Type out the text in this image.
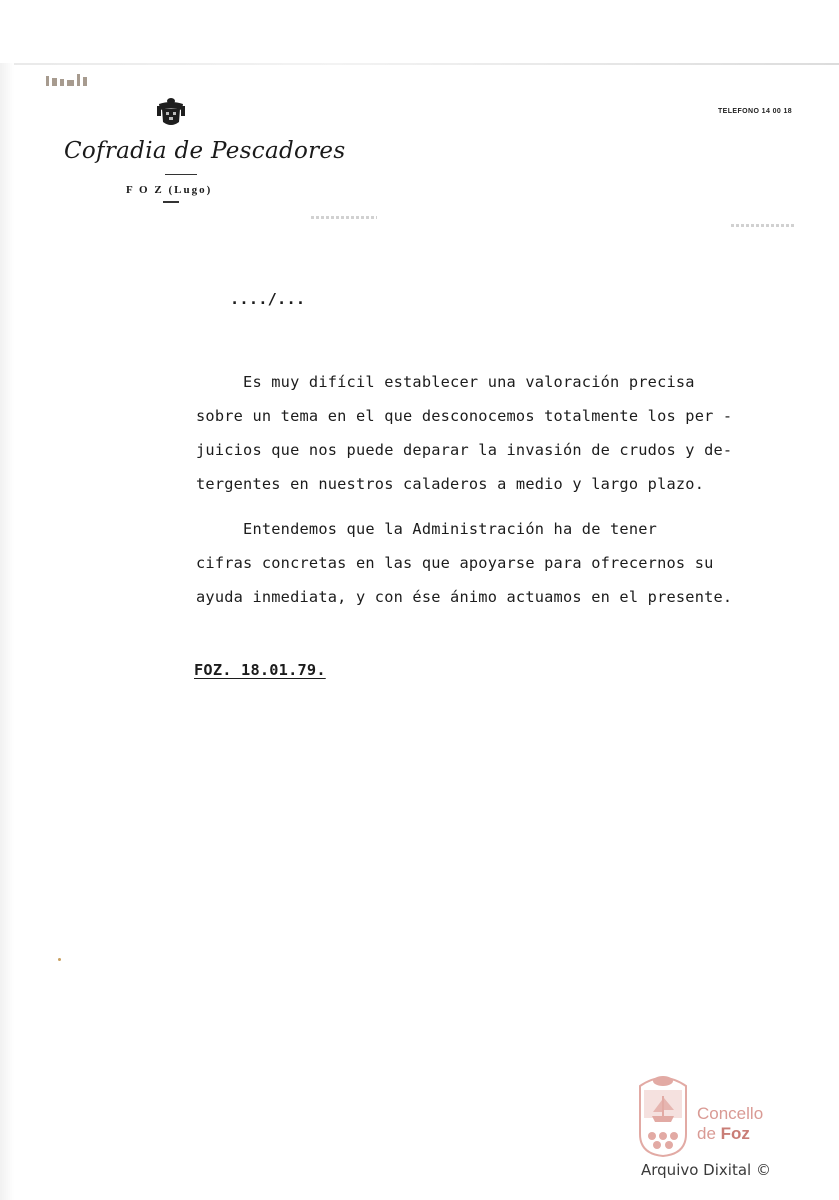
Cofradia de Pescadores
F O Z (Lugo)
TELEFONO 14 00 18
..../...
Es muy difícil establecer una valoración precisa
sobre un tema en el que desconocemos totalmente los per -
juicios que nos puede deparar la invasión de crudos y de-
tergentes en nuestros caladeros a medio y largo plazo.
Entendemos que la Administración ha de tener
cifras concretas en las que apoyarse para ofrecernos su
ayuda inmediata, y con ése ánimo actuamos en el presente.
FOZ. 18.01.79.
Concello
de Foz
Arquivo Dixital ©
